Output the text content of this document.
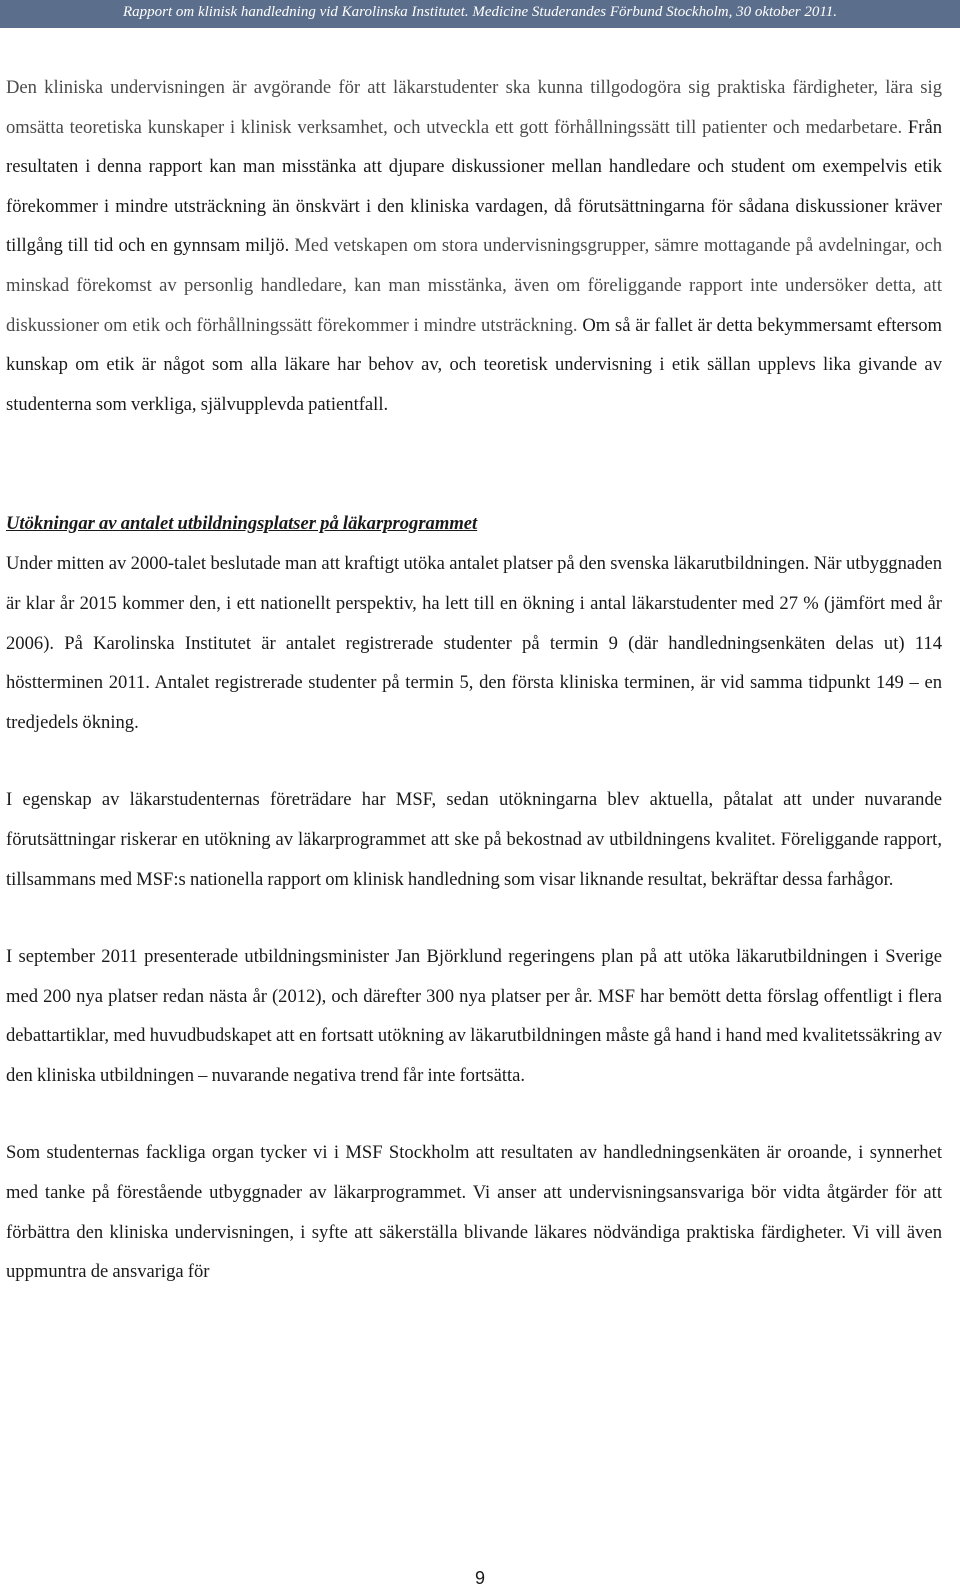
Rapport om klinisk handledning vid Karolinska Institutet. Medicine Studerandes Förbund Stockholm, 30 oktober 2011.

Den kliniska undervisningen är avgörande för att läkarstudenter ska kunna tillgodogöra sig praktiska färdigheter, lära sig omsätta teoretiska kunskaper i klinisk verksamhet, och utveckla ett gott förhållningssätt till patienter och medarbetare. Från resultaten i denna rapport kan man misstänka att djupare diskussioner mellan handledare och student om exempelvis etik förekommer i mindre utsträckning än önskvärt i den kliniska vardagen, då förutsättningarna för sådana diskussioner kräver tillgång till tid och en gynnsam miljö. Med vetskapen om stora undervisningsgrupper, sämre mottagande på avdelningar, och minskad förekomst av personlig handledare, kan man misstänka, även om föreliggande rapport inte undersöker detta, att diskussioner om etik och förhållningssätt förekommer i mindre utsträckning. Om så är fallet är detta bekymmersamt eftersom kunskap om etik är något som alla läkare har behov av, och teoretisk undervisning i etik sällan upplevs lika givande av studenterna som verkliga, självupplevda patientfall.

Utökningar av antalet utbildningsplatser på läkarprogrammet

Under mitten av 2000-talet beslutade man att kraftigt utöka antalet platser på den svenska läkarutbildningen. När utbyggnaden är klar år 2015 kommer den, i ett nationellt perspektiv, ha lett till en ökning i antal läkarstudenter med 27 % (jämfört med år 2006). På Karolinska Institutet är antalet registrerade studenter på termin 9 (där handledningsenkäten delas ut) 114 höstterminen 2011. Antalet registrerade studenter på termin 5, den första kliniska terminen, är vid samma tidpunkt 149 – en tredjedels ökning.

I egenskap av läkarstudenternas företrädare har MSF, sedan utökningarna blev aktuella, påtalat att under nuvarande förutsättningar riskerar en utökning av läkarprogrammet att ske på bekostnad av utbildningens kvalitet. Föreliggande rapport, tillsammans med MSF:s nationella rapport om klinisk handledning som visar liknande resultat, bekräftar dessa farhågor.

I september 2011 presenterade utbildningsminister Jan Björklund regeringens plan på att utöka läkarutbildningen i Sverige med 200 nya platser redan nästa år (2012), och därefter 300 nya platser per år. MSF har bemött detta förslag offentligt i flera debattartiklar, med huvudbudskapet att en fortsatt utökning av läkarutbildningen måste gå hand i hand med kvalitetssäkring av den kliniska utbildningen – nuvarande negativa trend får inte fortsätta.

Som studenternas fackliga organ tycker vi i MSF Stockholm att resultaten av handledningsenkäten är oroande, i synnerhet med tanke på förestående utbyggnader av läkarprogrammet. Vi anser att undervisningsansvariga bör vidta åtgärder för att förbättra den kliniska undervisningen, i syfte att säkerställa blivande läkares nödvändiga praktiska färdigheter. Vi vill även uppmuntra de ansvariga för

9
